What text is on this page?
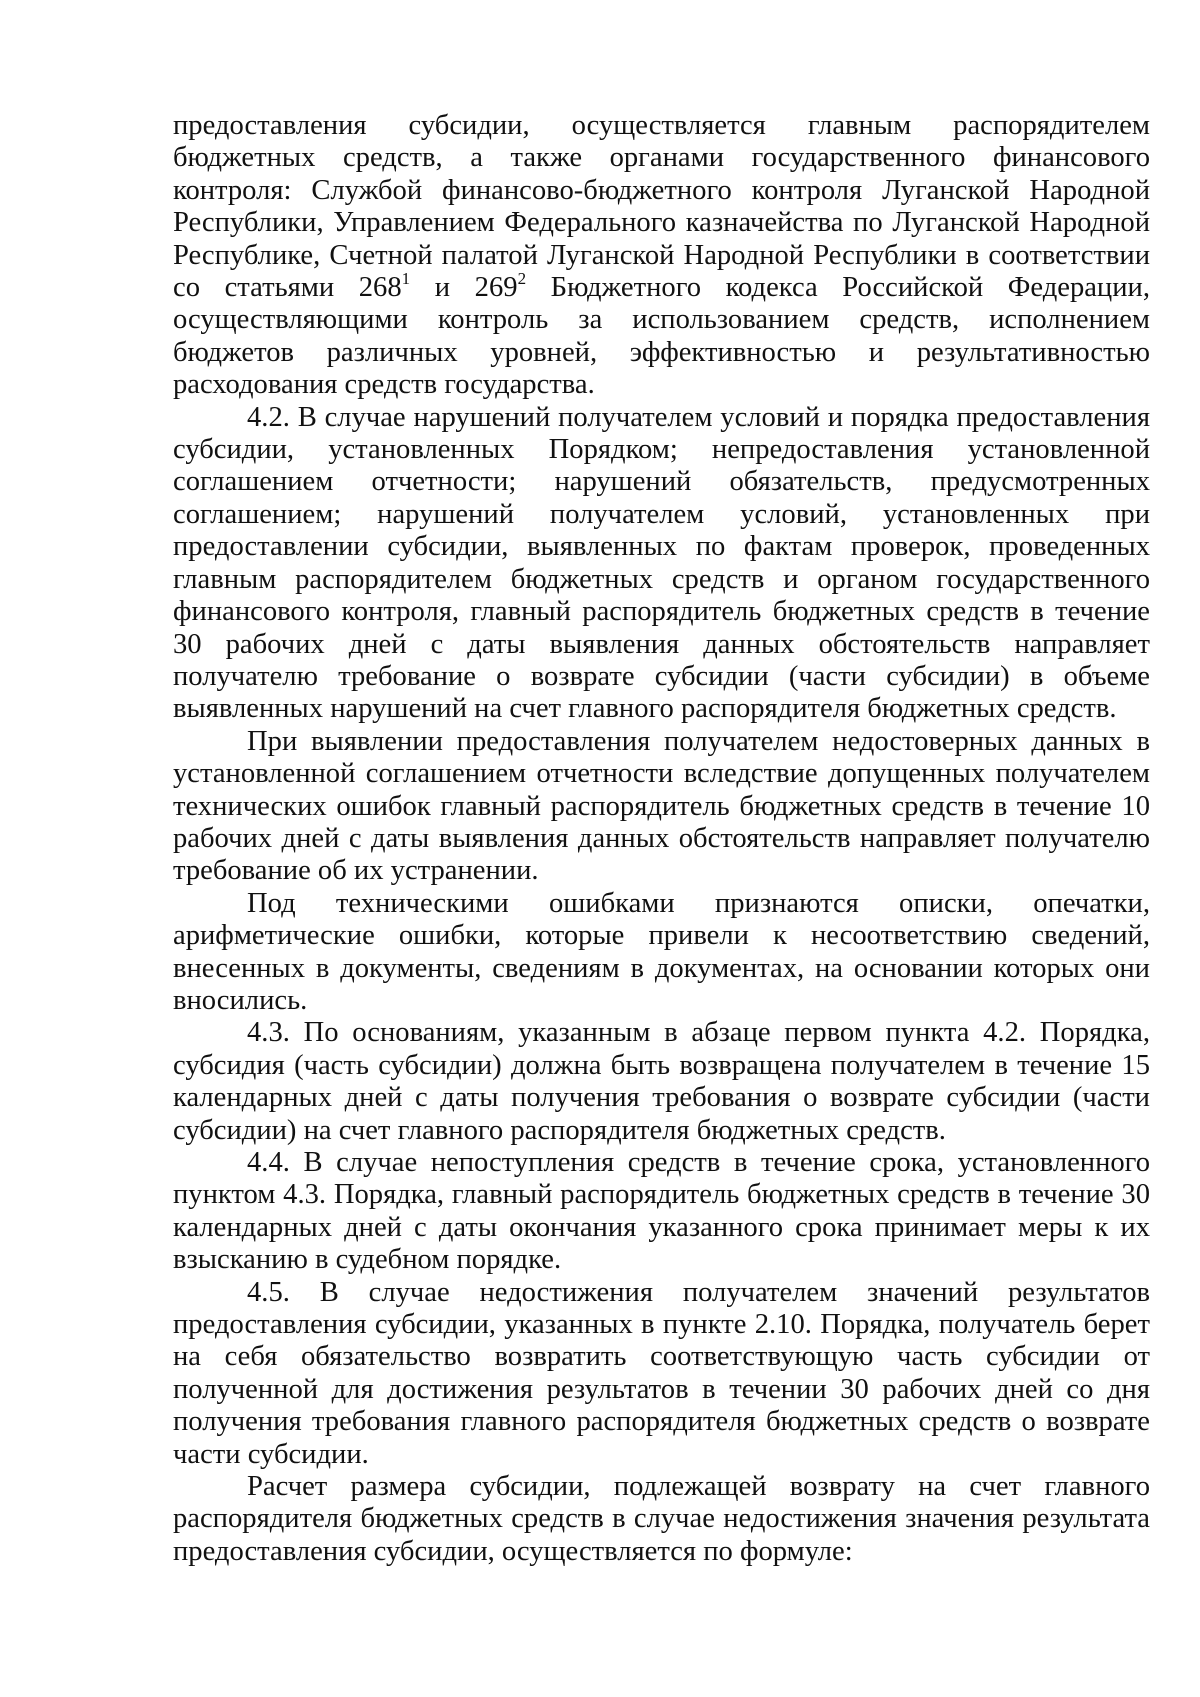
предоставления субсидии, осуществляется главным распорядителем бюджетных средств, а также органами государственного финансового контроля: Службой финансово-бюджетного контроля Луганской Народной Республики, Управлением Федерального казначейства по Луганской Народной Республике, Счетной палатой Луганской Народной Республики в соответствии со статьями $268^1$ и $269^2$ Бюджетного кодекса Российской Федерации, осуществляющими контроль за использованием средств, исполнением бюджетов различных уровней, эффективностью и результативностью расходования средств государства.

4.2. В случае нарушений получателем условий и порядка предоставления субсидии, установленных Порядком; непредоставления установленной соглашением отчетности; нарушений обязательств, предусмотренных соглашением; нарушений получателем условий, установленных при предоставлении субсидии, выявленных по фактам проверок, проведенных главным распорядителем бюджетных средств и органом государственного финансового контроля, главный распорядитель бюджетных средств в течение 30 рабочих дней с даты выявления данных обстоятельств направляет получателю требование о возврате субсидии (части субсидии) в объеме выявленных нарушений на счет главного распорядителя бюджетных средств.

При выявлении предоставления получателем недостоверных данных в установленной соглашением отчетности вследствие допущенных получателем технических ошибок главный распорядитель бюджетных средств в течение 10 рабочих дней с даты выявления данных обстоятельств направляет получателю требование об их устранении.

Под техническими ошибками признаются описки, опечатки, арифметические ошибки, которые привели к несоответствию сведений, внесенных в документы, сведениям в документах, на основании которых они вносились.

4.3. По основаниям, указанным в абзаце первом пункта 4.2. Порядка, субсидия (часть субсидии) должна быть возвращена получателем в течение 15 календарных дней с даты получения требования о возврате субсидии (части субсидии) на счет главного распорядителя бюджетных средств.

4.4. В случае непоступления средств в течение срока, установленного пунктом 4.3. Порядка, главный распорядитель бюджетных средств в течение 30 календарных дней с даты окончания указанного срока принимает меры к их взысканию в судебном порядке.

4.5. В случае недостижения получателем значений результатов предоставления субсидии, указанных в пункте 2.10. Порядка, получатель берет на себя обязательство возвратить соответствующую часть субсидии от полученной для достижения результатов в течении 30 рабочих дней со дня получения требования главного распорядителя бюджетных средств о возврате части субсидии.

Расчет размера субсидии, подлежащей возврату на счет главного распорядителя бюджетных средств в случае недостижения значения результата предоставления субсидии, осуществляется по формуле:
